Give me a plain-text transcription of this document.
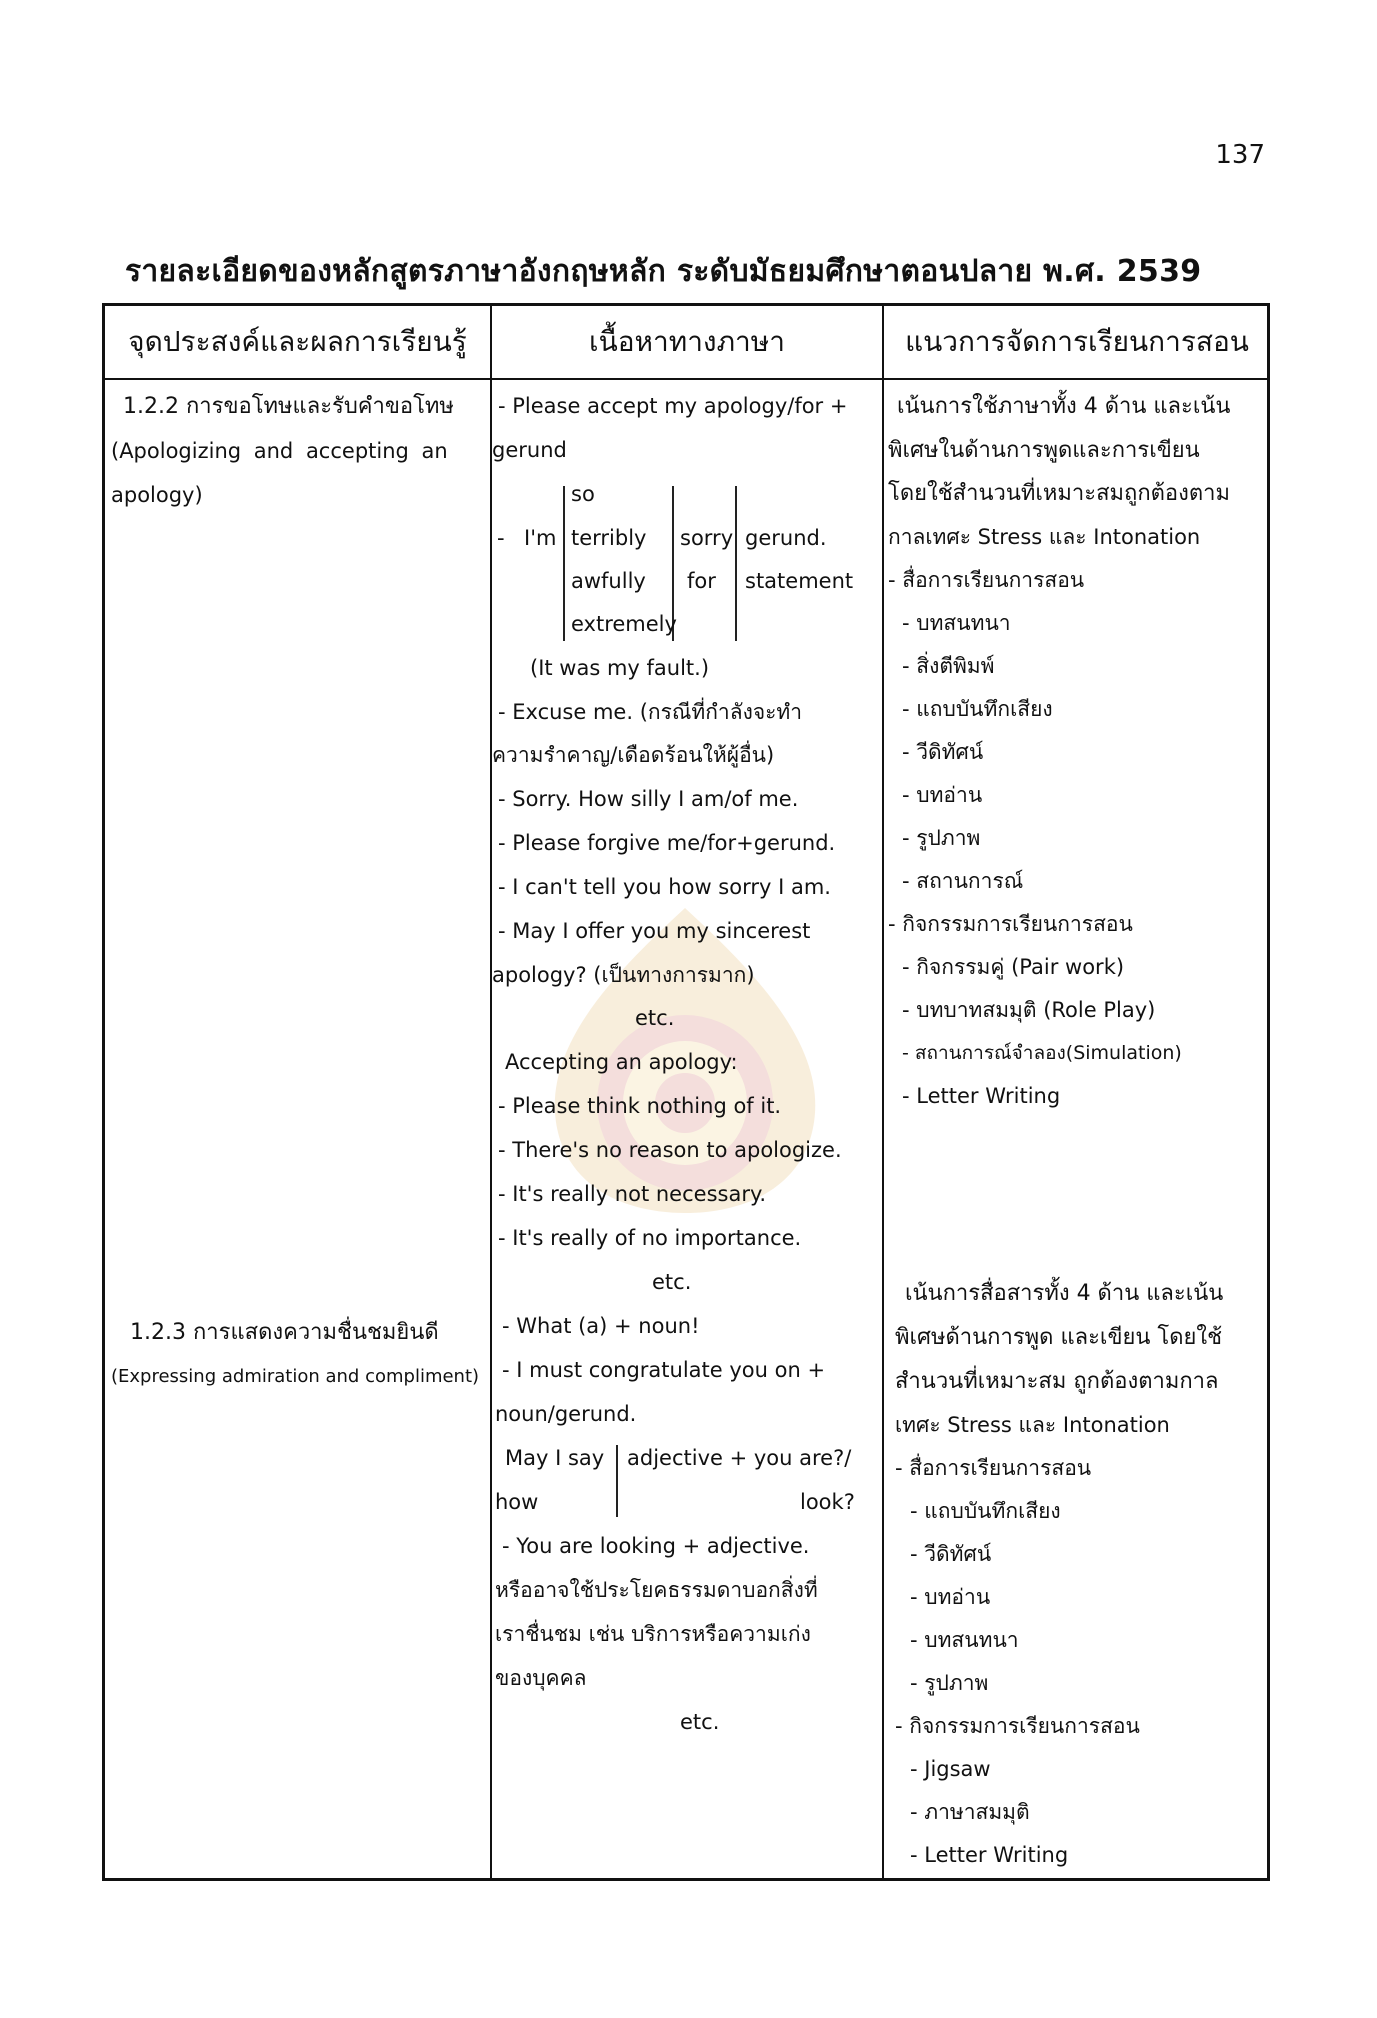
137
รายละเอียดของหลักสูตรภาษาอังกฤษหลัก ระดับมัธยมศึกษาตอนปลาย พ.ศ. 2539
จุดประสงค์และผลการเรียนรู้	เนื้อหาทางภาษา	แนวการจัดการเรียนการสอน
1.2.2 การขอโทษและรับคำขอโทษ
(Apologizing and accepting an
apology)
1.2.3 การแสดงความชื่นชมยินดี
(Expressing admiration and compliment)
- Please accept my apology/for +
gerund
- I'm
so
terribly
awfully
extremely
sorry
for
gerund.
statement
(It was my fault.)
- Excuse me. (กรณีที่กำลังจะทำ
ความรำคาญ/เดือดร้อนให้ผู้อื่น)
- Sorry. How silly I am/of me.
- Please forgive me/for+gerund.
- I can't tell you how sorry I am.
- May I offer you my sincerest
apology? (เป็นทางการมาก)
etc.
Accepting an apology:
- Please think nothing of it.
- There's no reason to apologize.
- It's really not necessary.
- It's really of no importance.
etc.
- What (a) + noun!
- I must congratulate you on +
noun/gerund.
May I say
how
adjective + you are?/
look?
- You are looking + adjective.
หรืออาจใช้ประโยคธรรมดาบอกสิ่งที่
เราชื่นชม เช่น บริการหรือความเก่ง
ของบุคคล
etc.
เน้นการใช้ภาษาทั้ง 4 ด้าน และเน้น
พิเศษในด้านการพูดและการเขียน
โดยใช้สำนวนที่เหมาะสมถูกต้องตาม
กาลเทศะ Stress และ Intonation
- สื่อการเรียนการสอน
- บทสนทนา
- สิ่งตีพิมพ์
- แถบบันทึกเสียง
- วีดิทัศน์
- บทอ่าน
- รูปภาพ
- สถานการณ์
- กิจกรรมการเรียนการสอน
- กิจกรรมคู่ (Pair work)
- บทบาทสมมุติ (Role Play)
- สถานการณ์จำลอง(Simulation)
- Letter Writing
เน้นการสื่อสารทั้ง 4 ด้าน และเน้น
พิเศษด้านการพูด และเขียน โดยใช้
สำนวนที่เหมาะสม ถูกต้องตามกาล
เทศะ Stress และ Intonation
- สื่อการเรียนการสอน
- แถบบันทึกเสียง
- วีดิทัศน์
- บทอ่าน
- บทสนทนา
- รูปภาพ
- กิจกรรมการเรียนการสอน
- Jigsaw
- ภาษาสมมุติ
- Letter Writing
